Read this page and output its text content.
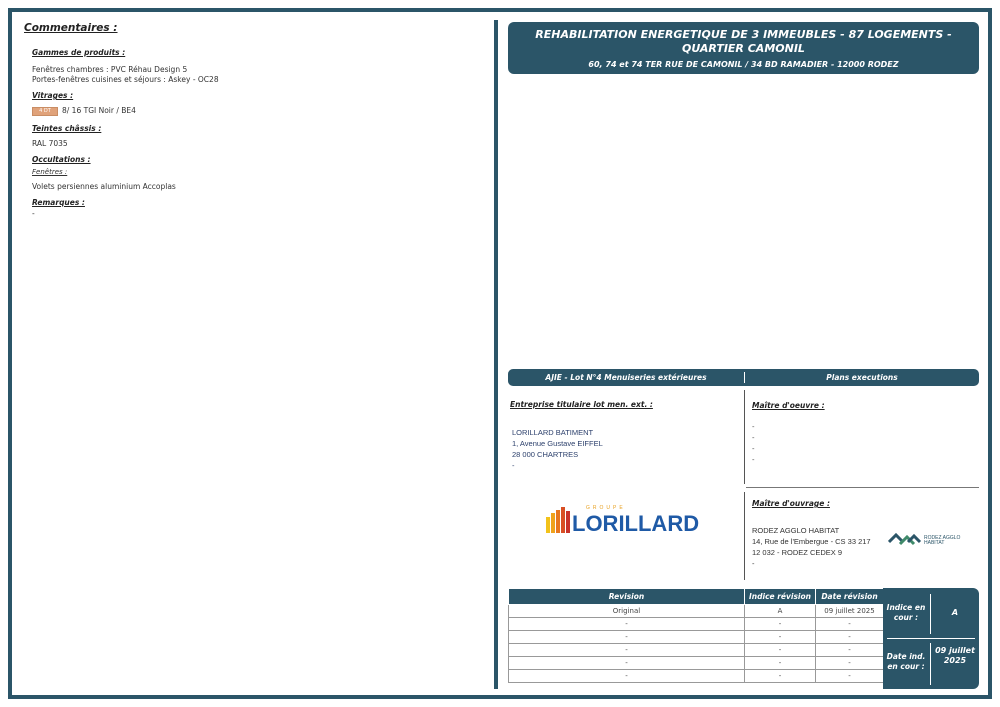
Commentaires :
Gammes de produits :
Fenêtres chambres : PVC Réhau Design 5
Portes-fenêtres cuisines et séjours : Askey - OC28
Vitrages :
4 DT 8/ 16 TGI Noir / BE4
Teintes châssis :
RAL 7035
Occultations :
Fenêtres :
Volets persiennes aluminium Accoplas
Remarques :
-
REHABILITATION ENERGETIQUE DE 3 IMMEUBLES - 87 LOGEMENTS -
QUARTIER CAMONIL
60, 74 et 74 TER RUE DE CAMONIL / 34 BD RAMADIER - 12000 RODEZ
AJIE - Lot N°4 Menuiseries extérieures	Plans executions
Entreprise titulaire lot men. ext. :
LORILLARD BATIMENT
1, Avenue Gustave EIFFEL
28 000 CHARTRES
-
GROUPE
LORILLARD
Maître d'oeuvre :
-
-
-
-
Maître d'ouvrage :
RODEZ AGGLO HABITAT
14, Rue de l'Embergue - CS 33 217
12 032 - RODEZ CEDEX 9
-
RODEZ AGGLO
HABITAT
Revision	Indice révision	Date révision
Original	A	09 juillet 2025
-	-	-
-	-	-
-	-	-
-	-	-
-	-	-
Indice en cour :
A
Date ind. en cour :
09 juillet 2025
